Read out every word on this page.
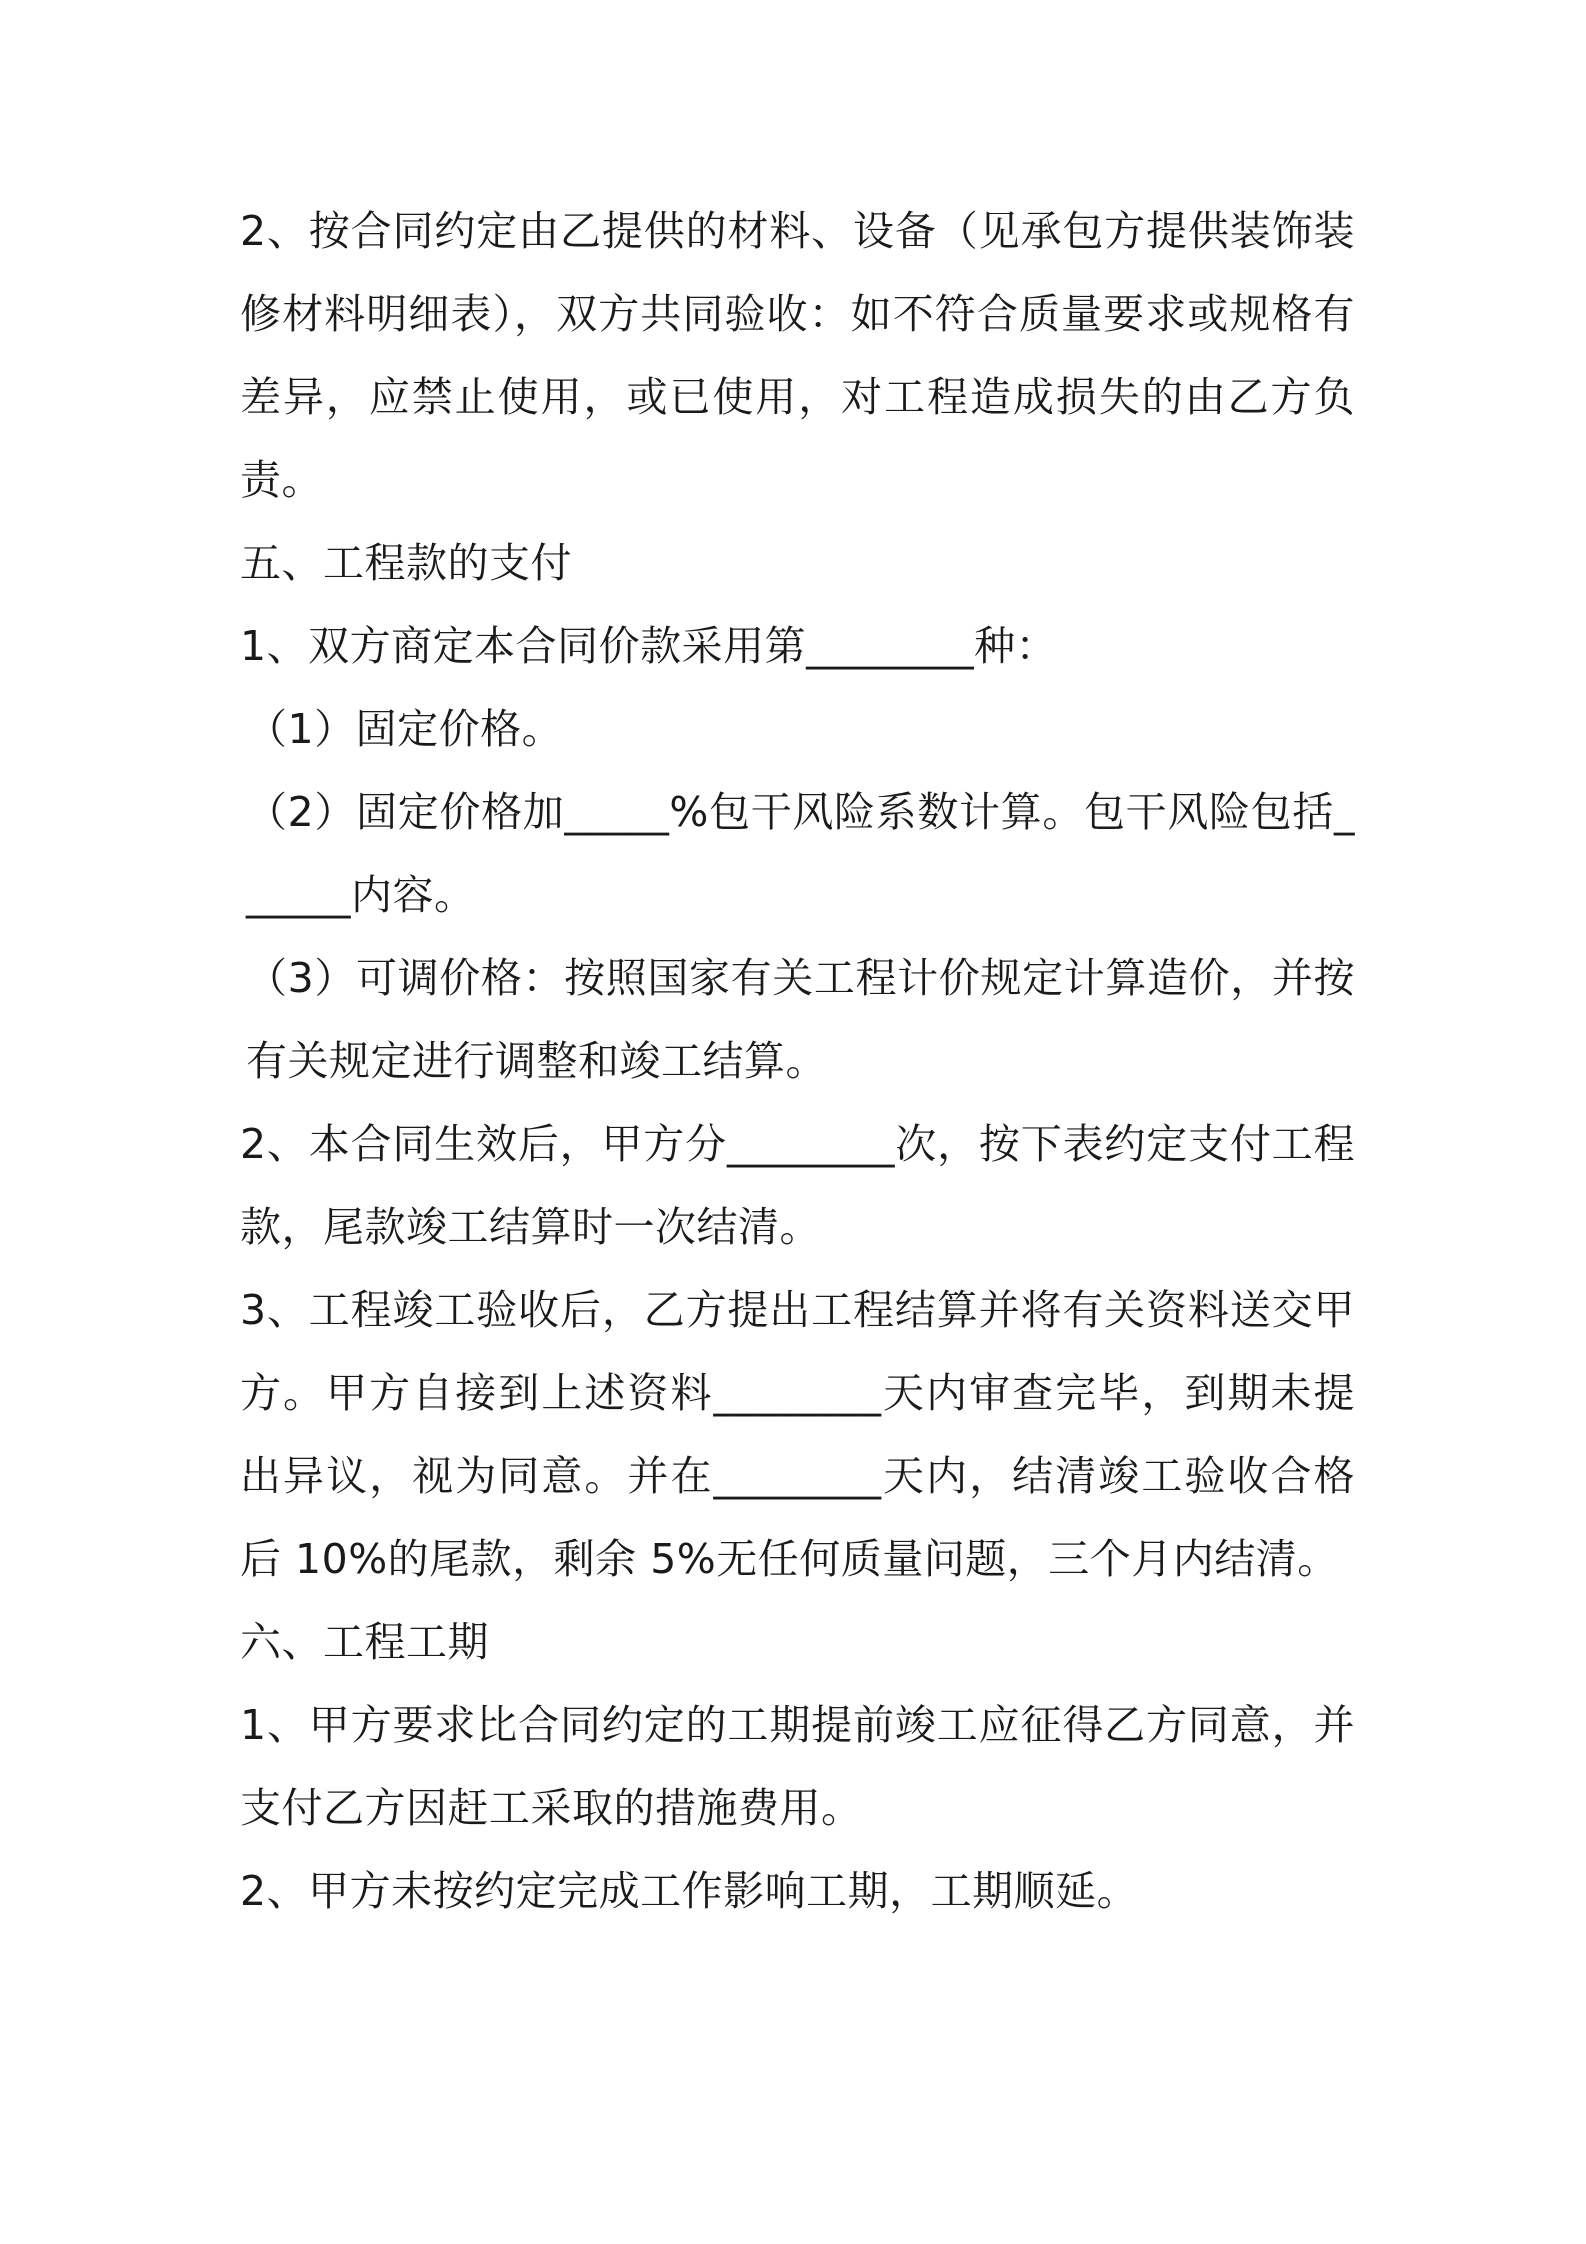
2、按合同约定由乙提供的材料、设备（见承包方提供装饰装修材料明细表），双方共同验收：如不符合质量要求或规格有差异，应禁止使用，或已使用，对工程造成损失的由乙方负责。

五、工程款的支付

1、双方商定本合同价款采用第________种：

（1）固定价格。

（2）固定价格加_____%包干风险系数计算。包干风险包括______内容。

（3）可调价格：按照国家有关工程计价规定计算造价，并按有关规定进行调整和竣工结算。

2、本合同生效后，甲方分________次，按下表约定支付工程款，尾款竣工结算时一次结清。

3、工程竣工验收后，乙方提出工程结算并将有关资料送交甲方。甲方自接到上述资料________天内审查完毕，到期未提出异议，视为同意。并在________天内，结清竣工验收合格后 10%的尾款，剩余 5%无任何质量问题，三个月内结清。

六、工程工期

1、甲方要求比合同约定的工期提前竣工应征得乙方同意，并支付乙方因赶工采取的措施费用。

2、甲方未按约定完成工作影响工期，工期顺延。
